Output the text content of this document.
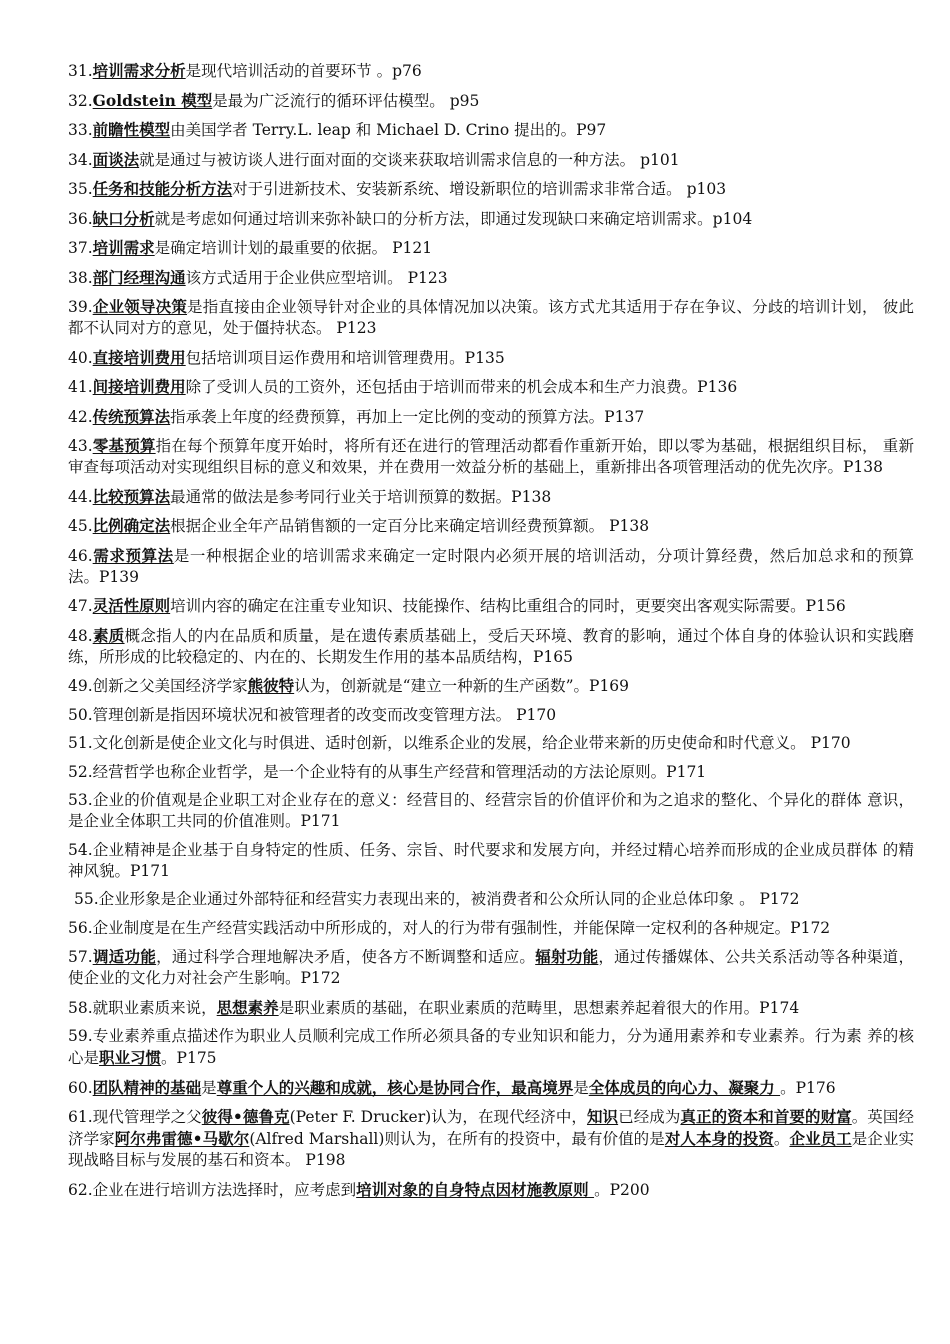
31.培训需求分析是现代培训活动的首要环节 。p76
32.Goldstein 模型是最为广泛流行的循环评估模型。 p95
33.前瞻性模型由美国学者 Terry.L. leap 和 Michael D. Crino 提出的。P97
34.面谈法就是通过与被访谈人进行面对面的交谈来获取培训需求信息的一种方法。 p101
35.任务和技能分析方法对于引进新技术、安装新系统、增设新职位的培训需求非常合适。 p103
36.缺口分析就是考虑如何通过培训来弥补缺口的分析方法，即通过发现缺口来确定培训需求。p104
37.培训需求是确定培训计划的最重要的依据。 P121
38.部门经理沟通该方式适用于企业供应型培训。 P123
39.企业领导决策是指直接由企业领导针对企业的具体情况加以决策。该方式尤其适用于存在争议、分歧的培训计划， 彼此都不认同对方的意见，处于僵持状态。 P123
40.直接培训费用包括培训项目运作费用和培训管理费用。P135
41.间接培训费用除了受训人员的工资外，还包括由于培训而带来的机会成本和生产力浪费。P136
42.传统预算法指承袭上年度的经费预算，再加上一定比例的变动的预算方法。P137
43.零基预算指在每个预算年度开始时，将所有还在进行的管理活动都看作重新开始，即以零为基础，根据组织目标， 重新审查每项活动对实现组织目标的意义和效果，并在费用一效益分析的基础上，重新排出各项管理活动的优先次序。P138
44.比较预算法最通常的做法是参考同行业关于培训预算的数据。P138
45.比例确定法根据企业全年产品销售额的一定百分比来确定培训经费预算额。 P138
46.需求预算法是一种根据企业的培训需求来确定一定时限内必须开展的培训活动，分项计算经费，然后加总求和的预算法。P139
47.灵活性原则培训内容的确定在注重专业知识、技能操作、结构比重组合的同时，更要突出客观实际需要。P156
48.素质概念指人的内在品质和质量，是在遗传素质基础上，受后天环境、教育的影响，通过个体自身的体验认识和实践磨练，所形成的比较稳定的、内在的、长期发生作用的基本品质结构，P165
49.创新之父美国经济学家熊彼特认为，创新就是“建立一种新的生产函数”。P169
50.管理创新是指因环境状况和被管理者的改变而改变管理方法。 P170
51.文化创新是使企业文化与时俱进、适时创新，以维系企业的发展，给企业带来新的历史使命和时代意义。 P170
52.经营哲学也称企业哲学，是一个企业特有的从事生产经营和管理活动的方法论原则。P171
53.企业的价值观是企业职工对企业存在的意义：经营目的、经营宗旨的价值评价和为之追求的整化、个异化的群体 意识，是企业全体职工共同的价值准则。P171
54.企业精神是企业基于自身特定的性质、任务、宗旨、时代要求和发展方向，并经过精心培养而形成的企业成员群体 的精神风貌。P171
55.企业形象是企业通过外部特征和经营实力表现出来的，被消费者和公众所认同的企业总体印象 。 P172
56.企业制度是在生产经营实践活动中所形成的，对人的行为带有强制性，并能保障一定权利的各种规定。P172
57.调适功能，通过科学合理地解决矛盾，使各方不断调整和适应。辐射功能，通过传播媒体、公共关系活动等各种渠道，使企业的文化力对社会产生影响。P172
58.就职业素质来说，思想素养是职业素质的基础，在职业素质的范畴里，思想素养起着很大的作用。P174
59.专业素养重点描述作为职业人员顺利完成工作所必须具备的专业知识和能力，分为通用素养和专业素养。行为素 养的核心是职业习惯。P175
60.团队精神的基础是尊重个人的兴趣和成就，核心是协同合作，最高境界是全体成员的向心力、凝聚力 。P176
61.现代管理学之父彼得•德鲁克(Peter F. Drucker)认为，在现代经济中，知识已经成为真正的资本和首要的财富。英国经济学家阿尔弗雷德•马歇尔(Alfred Marshall)则认为，在所有的投资中，最有价值的是对人本身的投资。企业员工是企业实现战略目标与发展的基石和资本。 P198
62.企业在进行培训方法选择时，应考虑到培训对象的自身特点因材施教原则 。P200
